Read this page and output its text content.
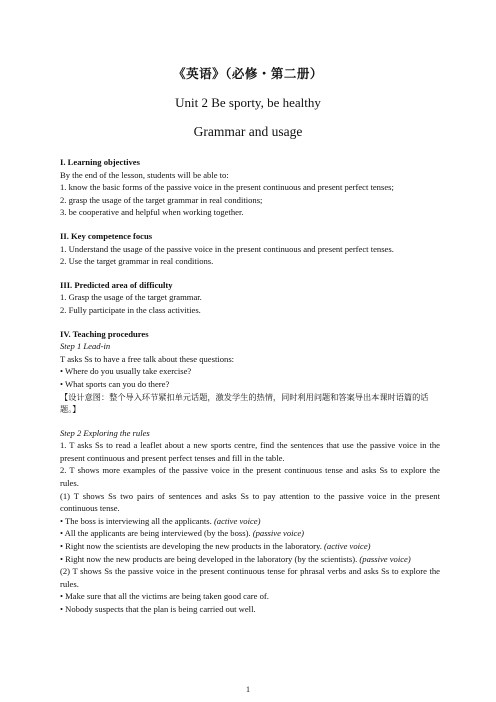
《英语》（必修・第二册）
Unit 2 Be sporty, be healthy
Grammar and usage

I. Learning objectives

By the end of the lesson, students will be able to:

1. know the basic forms of the passive voice in the present continuous and present perfect tenses;

2. grasp the usage of the target grammar in real conditions;

3. be cooperative and helpful when working together.

II. Key competence focus

1. Understand the usage of the passive voice in the present continuous and present perfect tenses.

2. Use the target grammar in real conditions.

III. Predicted area of difficulty

1. Grasp the usage of the target grammar.

2. Fully participate in the class activities.

IV. Teaching procedures

Step 1 Lead-in

T asks Ss to have a free talk about these questions:

• Where do you usually take exercise?

• What sports can you do there?

【设计意图：整个导入环节紧扣单元话题，激发学生的热情，同时利用问题和答案导出本课时语篇的话题。】

Step 2 Exploring the rules

1. T asks Ss to read a leaflet about a new sports centre, find the sentences that use the passive voice in the present continuous and present perfect tenses and fill in the table.

2. T shows more examples of the passive voice in the present continuous tense and asks Ss to explore the rules.

(1) T shows Ss two pairs of sentences and asks Ss to pay attention to the passive voice in the present continuous tense.

• The boss is interviewing all the applicants. (active voice)

• All the applicants are being interviewed (by the boss). (passive voice)

• Right now the scientists are developing the new products in the laboratory. (active voice)

• Right now the new products are being developed in the laboratory (by the scientists). (passive voice)

(2) T shows Ss the passive voice in the present continuous tense for phrasal verbs and asks Ss to explore the rules.

• Make sure that all the victims are being taken good care of.

• Nobody suspects that the plan is being carried out well.

1
